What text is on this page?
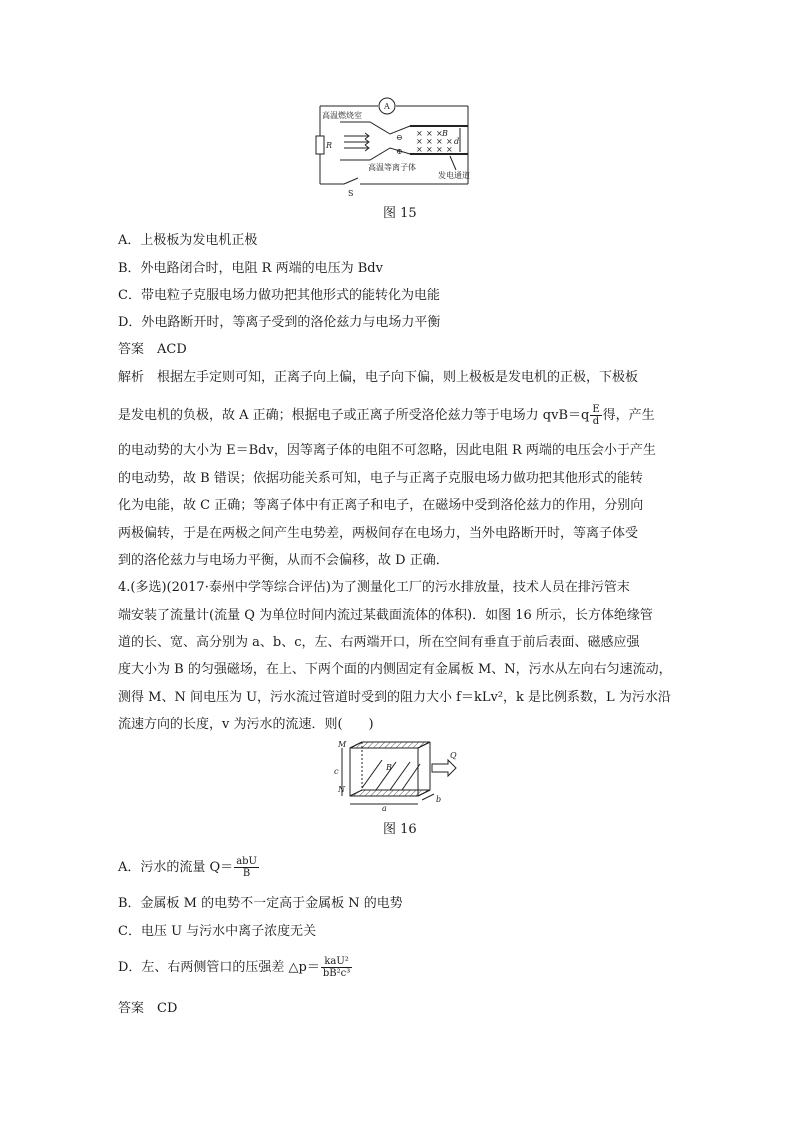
A
高温燃烧室
R
高温等离子体
发电通道
S
B
d
⊖
⊕
× × ×
× × × ×
× × × ×
图 15
A．上极板为发电机正极
B．外电路闭合时，电阻 R 两端的电压为 Bdv
C．带电粒子克服电场力做功把其他形式的能转化为电能
D．外电路断开时，等离子受到的洛伦兹力与电场力平衡
答案　ACD
解析　根据左手定则可知，正离子向上偏，电子向下偏，则上极板是发电机的正极，下极板
是发电机的负极，故 A 正确；根据电子或正离子所受洛伦兹力等于电场力 $qvB=q \frac{E}{d}$ 得，产生
的电动势的大小为 E＝Bdv，因等离子体的电阻不可忽略，因此电阻 R 两端的电压会小于产生
的电动势，故 B 错误；依据功能关系可知，电子与正离子克服电场力做功把其他形式的能转
化为电能，故 C 正确；等离子体中有正离子和电子，在磁场中受到洛伦兹力的作用，分别向
两极偏转，于是在两极之间产生电势差，两极间存在电场力，当外电路断开时，等离子体受
到的洛伦兹力与电场力平衡，从而不会偏移，故 D 正确．
4.(多选)(2017·泰州中学等综合评估)为了测量化工厂的污水排放量，技术人员在排污管末
端安装了流量计(流量 Q 为单位时间内流过某截面流体的体积)．如图 16 所示，长方体绝缘管
道的长、宽、高分别为 a、b、c，左、右两端开口，所在空间有垂直于前后表面、磁感应强
度大小为 B 的匀强磁场，在上、下两个面的内侧固定有金属板 M、N，污水从左向右匀速流动，
测得 M、N 间电压为 U，污水流过管道时受到的阻力大小 f＝kLv²，k 是比例系数，L 为污水沿
流速方向的长度，v 为污水的流速．则(　　)
M
N
c	B
Q
a
b
图 16
A．污水的流量 $Q= \frac{\text{abU}}{B}$
B．金属板 M 的电势不一定高于金属板 N 的电势
C．电压 U 与污水中离子浓度无关
D．左、右两侧管口的压强差 △p＝ $\frac{\text{kaU²}}{\text{bB²c³}}$
答案　CD
